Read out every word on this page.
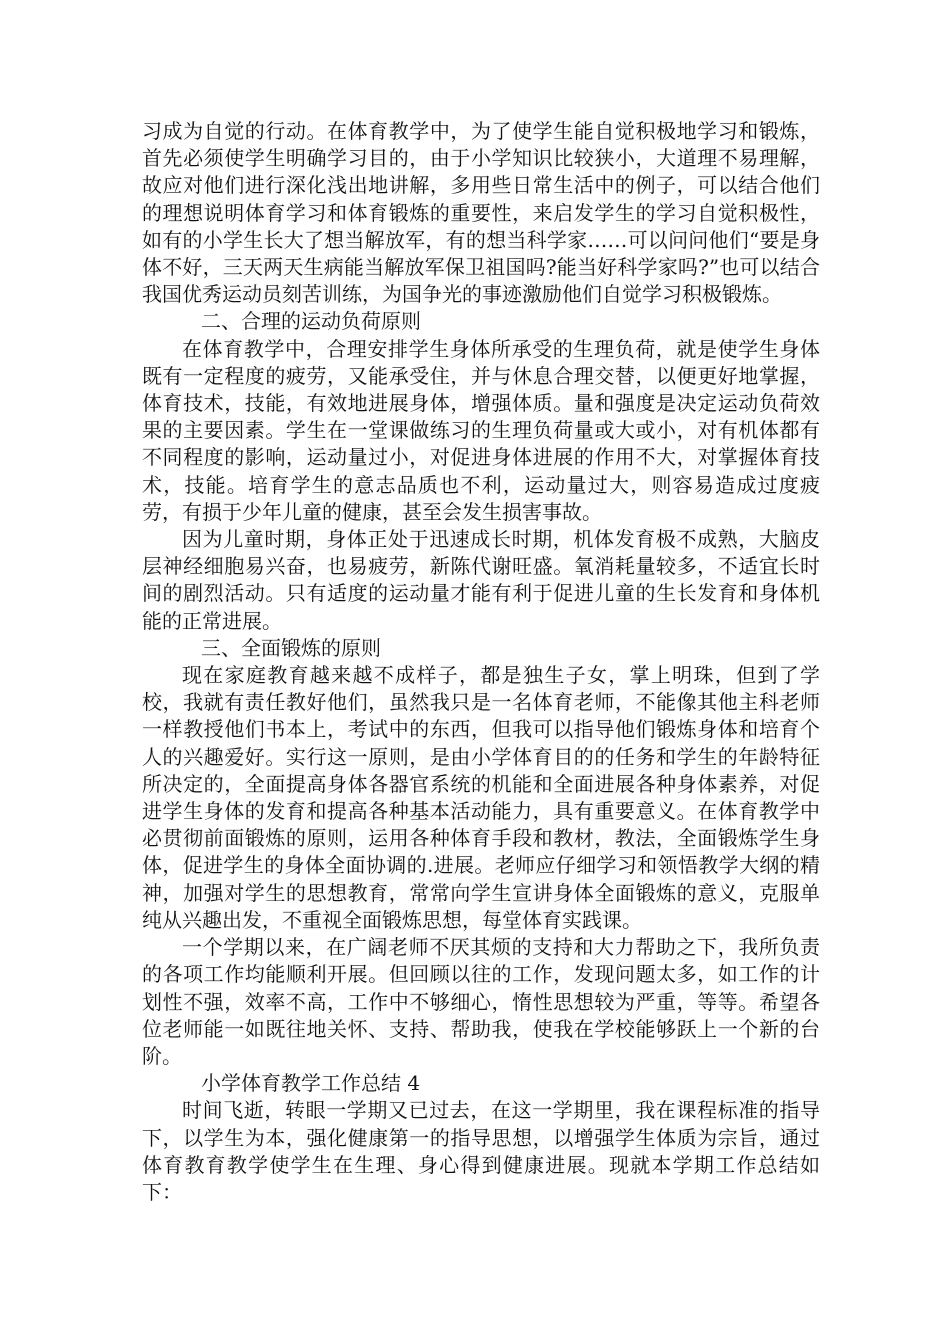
习成为自觉的行动。在体育教学中，为了使学生能自觉积极地学习和锻炼，首先必须使学生明确学习目的，由于小学知识比较狭小，大道理不易理解，故应对他们进行深化浅出地讲解，多用些日常生活中的例子，可以结合他们的理想说明体育学习和体育锻炼的重要性，来启发学生的学习自觉积极性，如有的小学生长大了想当解放军，有的想当科学家……可以问问他们“要是身体不好，三天两天生病能当解放军保卫祖国吗?能当好科学家吗?”也可以结合我国优秀运动员刻苦训练，为国争光的事迹激励他们自觉学习积极锻炼。

二、合理的运动负荷原则

在体育教学中，合理安排学生身体所承受的生理负荷，就是使学生身体既有一定程度的疲劳，又能承受住，并与休息合理交替，以便更好地掌握，体育技术，技能，有效地进展身体，增强体质。量和强度是决定运动负荷效果的主要因素。学生在一堂课做练习的生理负荷量或大或小，对有机体都有不同程度的影响，运动量过小，对促进身体进展的作用不大，对掌握体育技术，技能。培育学生的意志品质也不利，运动量过大，则容易造成过度疲劳，有损于少年儿童的健康，甚至会发生损害事故。

因为儿童时期，身体正处于迅速成长时期，机体发育极不成熟，大脑皮层神经细胞易兴奋，也易疲劳，新陈代谢旺盛。氧消耗量较多，不适宜长时间的剧烈活动。只有适度的运动量才能有利于促进儿童的生长发育和身体机能的正常进展。

三、全面锻炼的原则

现在家庭教育越来越不成样子，都是独生子女，掌上明珠，但到了学校，我就有责任教好他们，虽然我只是一名体育老师，不能像其他主科老师一样教授他们书本上，考试中的东西，但我可以指导他们锻炼身体和培育个人的兴趣爱好。实行这一原则，是由小学体育目的的任务和学生的年龄特征所决定的，全面提高身体各器官系统的机能和全面进展各种身体素养，对促进学生身体的发育和提高各种基本活动能力，具有重要意义。在体育教学中必贯彻前面锻炼的原则，运用各种体育手段和教材，教法，全面锻炼学生身体，促进学生的身体全面协调的.进展。老师应仔细学习和领悟教学大纲的精神，加强对学生的思想教育，常常向学生宣讲身体全面锻炼的意义，克服单纯从兴趣出发，不重视全面锻炼思想，每堂体育实践课。

一个学期以来，在广阔老师不厌其烦的支持和大力帮助之下，我所负责的各项工作均能顺利开展。但回顾以往的工作，发现问题太多，如工作的计划性不强，效率不高，工作中不够细心，惰性思想较为严重，等等。希望各位老师能一如既往地关怀、支持、帮助我，使我在学校能够跃上一个新的台阶。

小学体育教学工作总结 4

时间飞逝，转眼一学期又已过去，在这一学期里，我在课程标准的指导下，以学生为本，强化健康第一的指导思想，以增强学生体质为宗旨，通过体育教育教学使学生在生理、身心得到健康进展。现就本学期工作总结如下：
